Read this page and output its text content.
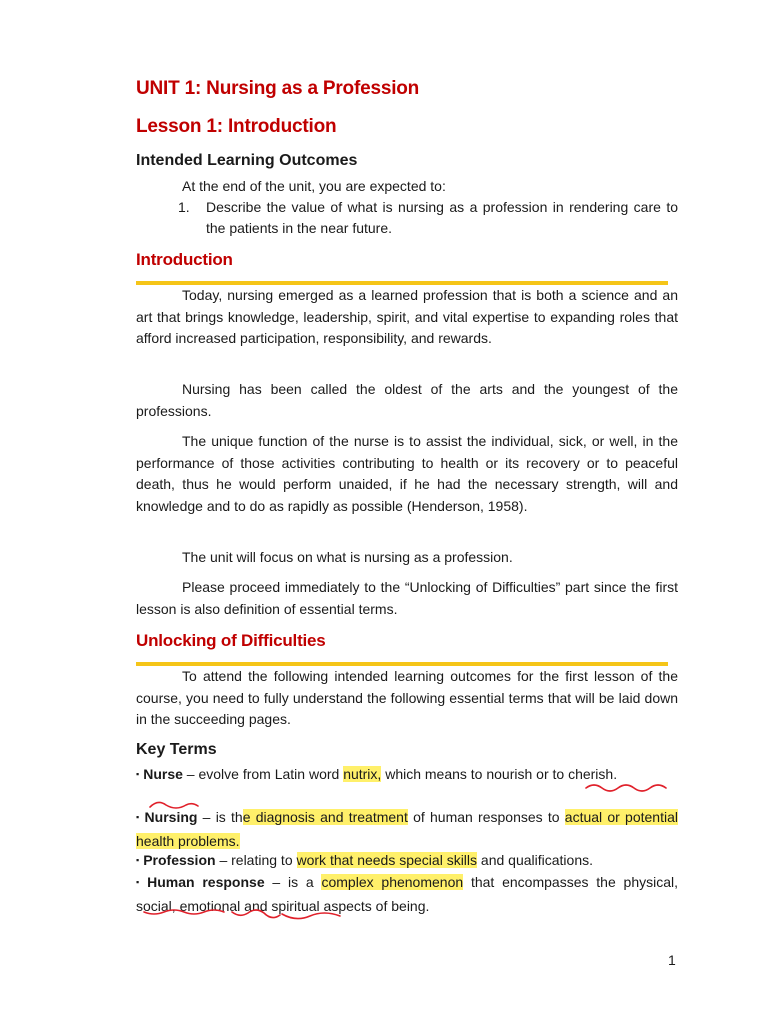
UNIT 1: Nursing as a Profession
Lesson 1: Introduction
Intended Learning Outcomes

At the end of the unit, you are expected to:

1. Describe the value of what is nursing as a profession in rendering care to the patients in the near future.
Introduction

Today, nursing emerged as a learned profession that is both a science and an art that brings knowledge, leadership, spirit, and vital expertise to expanding roles that afford increased participation, responsibility, and rewards.

Nursing has been called the oldest of the arts and the youngest of the professions.

The unique function of the nurse is to assist the individual, sick, or well, in the performance of those activities contributing to health or its recovery or to peaceful death, thus he would perform unaided, if he had the necessary strength, will and knowledge and to do as rapidly as possible (Henderson, 1958).

The unit will focus on what is nursing as a profession.

Please proceed immediately to the “Unlocking of Difficulties” part since the first lesson is also definition of essential terms.

Unlocking of Difficulties

To attend the following intended learning outcomes for the first lesson of the course, you need to fully understand the following essential terms that will be laid down in the succeeding pages.

Key Terms

▪ Nurse – evolve from Latin word nutrix, which means to nourish or to cherish.

▪ Nursing – is the diagnosis and treatment of human responses to actual or potential health problems.

▪ Profession – relating to work that needs special skills and qualifications.

▪ Human response – is a complex phenomenon that encompasses the physical, social, emotional and spiritual aspects of being.

1
